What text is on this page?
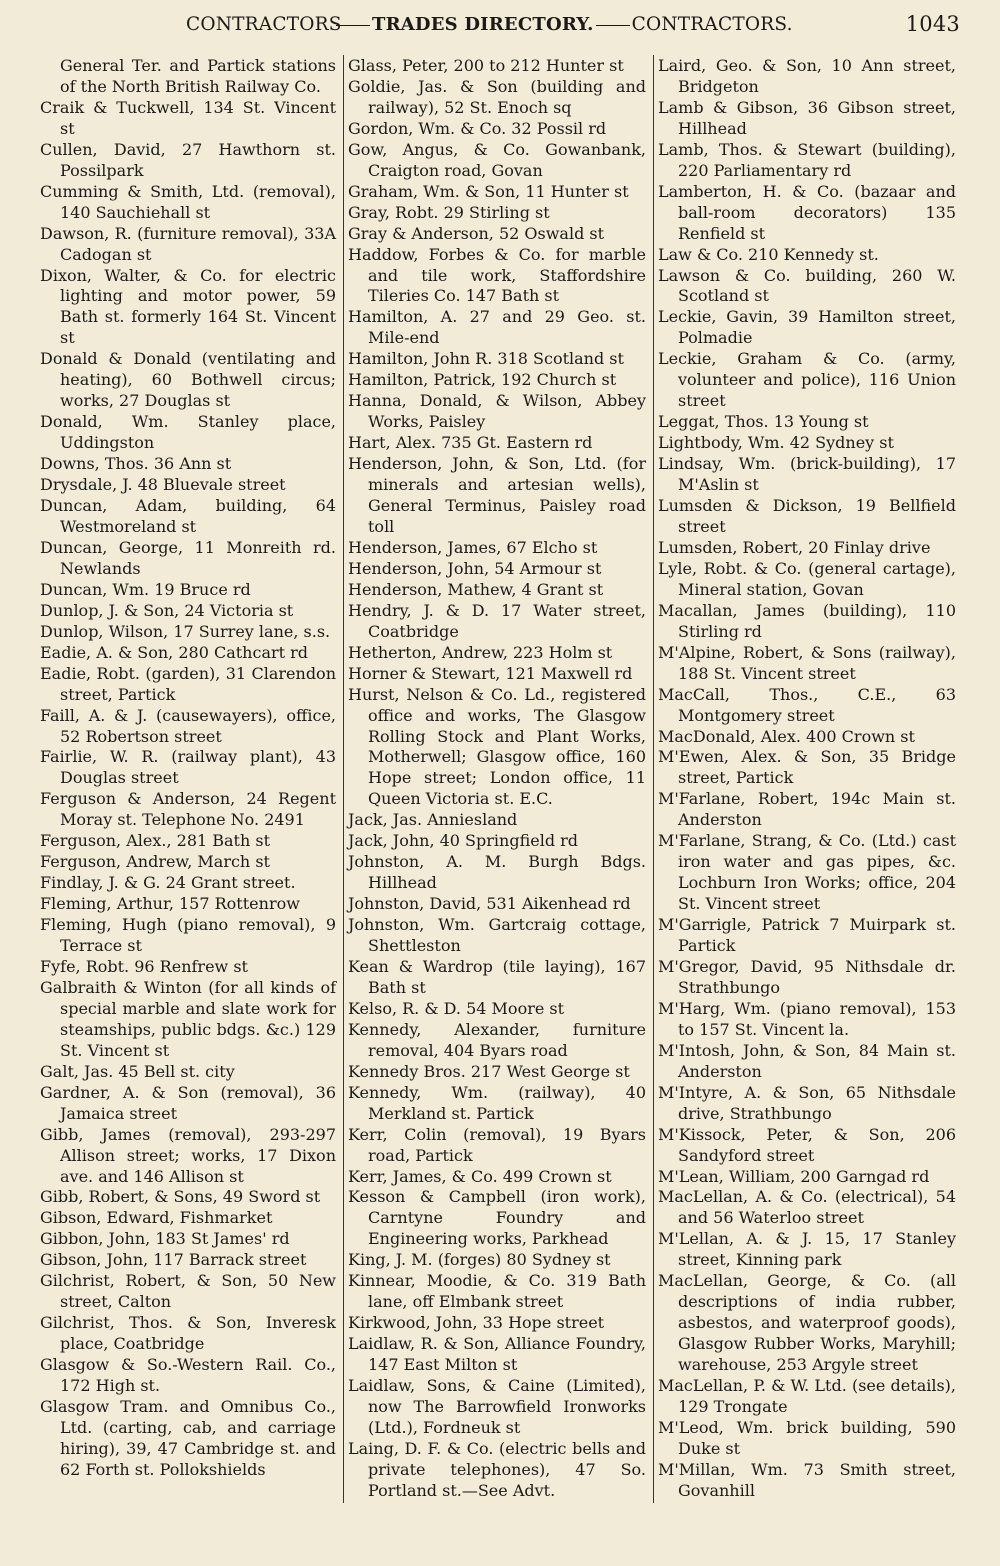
CONTRACTORS	TRADES DIRECTORY. CONTRACTORS.	1043

General Ter. and Partick stations of the North British Railway Co.

Craik & Tuckwell, 134 St. Vincent st

Cullen, David, 27 Hawthorn st. Possilpark

Cumming & Smith, Ltd. (removal), 140 Sauchiehall st

Dawson, R. (furniture removal), 33A Cadogan st

Dixon, Walter, & Co. for electric lighting and motor power, 59 Bath st. formerly 164 St. Vincent st

Donald & Donald (ventilating and heating), 60 Bothwell circus; works, 27 Douglas st

Donald, Wm. Stanley place, Uddingston

Downs, Thos. 36 Ann st

Drysdale, J. 48 Bluevale street

Duncan, Adam, building, 64 Westmoreland st

Duncan, George, 11 Monreith rd. Newlands

Duncan, Wm. 19 Bruce rd

Dunlop, J. & Son, 24 Victoria st

Dunlop, Wilson, 17 Surrey lane, s.s.

Eadie, A. & Son, 280 Cathcart rd

Eadie, Robt. (garden), 31 Clarendon street, Partick

Faill, A. & J. (causewayers), office, 52 Robertson street

Fairlie, W. R. (railway plant), 43 Douglas street

Ferguson & Anderson, 24 Regent Moray st. Telephone No. 2491

Ferguson, Alex., 281 Bath st

Ferguson, Andrew, March st

Findlay, J. & G. 24 Grant street.

Fleming, Arthur, 157 Rottenrow

Fleming, Hugh (piano removal), 9 Terrace st

Fyfe, Robt. 96 Renfrew st

Galbraith & Winton (for all kinds of special marble and slate work for steamships, public bdgs. &c.) 129 St. Vincent st

Galt, Jas. 45 Bell st. city

Gardner, A. & Son (removal), 36 Jamaica street

Gibb, James (removal), 293-297 Allison street; works, 17 Dixon ave. and 146 Allison st

Gibb, Robert, & Sons, 49 Sword st

Gibson, Edward, Fishmarket

Gibbon, John, 183 St James' rd

Gibson, John, 117 Barrack street

Gilchrist, Robert, & Son, 50 New street, Calton

Gilchrist, Thos. & Son, Inveresk place, Coatbridge

Glasgow & So.-Western Rail. Co., 172 High st.

Glasgow Tram. and Omnibus Co., Ltd. (carting, cab, and carriage hiring), 39, 47 Cambridge st. and 62 Forth st. Pollokshields

Glass, Peter, 200 to 212 Hunter st

Goldie, Jas. & Son (building and railway), 52 St. Enoch sq

Gordon, Wm. & Co. 32 Possil rd

Gow, Angus, & Co. Gowanbank, Craigton road, Govan

Graham, Wm. & Son, 11 Hunter st

Gray, Robt. 29 Stirling st

Gray & Anderson, 52 Oswald st

Haddow, Forbes & Co. for marble and tile work, Staffordshire Tileries Co. 147 Bath st

Hamilton, A. 27 and 29 Geo. st. Mile-end

Hamilton, John R. 318 Scotland st

Hamilton, Patrick, 192 Church st

Hanna, Donald, & Wilson, Abbey Works, Paisley

Hart, Alex. 735 Gt. Eastern rd

Henderson, John, & Son, Ltd. (for minerals and artesian wells), General Terminus, Paisley road toll

Henderson, James, 67 Elcho st

Henderson, John, 54 Armour st

Henderson, Mathew, 4 Grant st

Hendry, J. & D. 17 Water street, Coatbridge

Hetherton, Andrew, 223 Holm st

Horner & Stewart, 121 Maxwell rd

Hurst, Nelson & Co. Ld., registered office and works, The Glasgow Rolling Stock and Plant Works, Motherwell; Glasgow office, 160 Hope street; London office, 11 Queen Victoria st. E.C.

Jack, Jas. Anniesland

Jack, John, 40 Springfield rd

Johnston, A. M. Burgh Bdgs. Hillhead

Johnston, David, 531 Aikenhead rd

Johnston, Wm. Gartcraig cottage, Shettleston

Kean & Wardrop (tile laying), 167 Bath st

Kelso, R. & D. 54 Moore st

Kennedy, Alexander, furniture removal, 404 Byars road

Kennedy Bros. 217 West George st

Kennedy, Wm. (railway), 40 Merkland st. Partick

Kerr, Colin (removal), 19 Byars road, Partick

Kerr, James, & Co. 499 Crown st

Kesson & Campbell (iron work), Carntyne Foundry and Engineering works, Parkhead

King, J. M. (forges) 80 Sydney st

Kinnear, Moodie, & Co. 319 Bath lane, off Elmbank street

Kirkwood, John, 33 Hope street

Laidlaw, R. & Son, Alliance Foundry, 147 East Milton st

Laidlaw, Sons, & Caine (Limited), now The Barrowfield Ironworks (Ltd.), Fordneuk st

Laing, D. F. & Co. (electric bells and private telephones), 47 So. Portland st.—See Advt.

Laird, Geo. & Son, 10 Ann street, Bridgeton

Lamb & Gibson, 36 Gibson street, Hillhead

Lamb, Thos. & Stewart (building), 220 Parliamentary rd

Lamberton, H. & Co. (bazaar and ball-room decorators) 135 Renfield st

Law & Co. 210 Kennedy st.

Lawson & Co. building, 260 W. Scotland st

Leckie, Gavin, 39 Hamilton street, Polmadie

Leckie, Graham & Co. (army, volunteer and police), 116 Union street

Leggat, Thos. 13 Young st

Lightbody, Wm. 42 Sydney st

Lindsay, Wm. (brick-building), 17 M'Aslin st

Lumsden & Dickson, 19 Bellfield street

Lumsden, Robert, 20 Finlay drive

Lyle, Robt. & Co. (general cartage), Mineral station, Govan

Macallan, James (building), 110 Stirling rd

M'Alpine, Robert, & Sons (railway), 188 St. Vincent street

MacCall, Thos., C.E., 63 Montgomery street

MacDonald, Alex. 400 Crown st

M'Ewen, Alex. & Son, 35 Bridge street, Partick

M'Farlane, Robert, 194c Main st. Anderston

M'Farlane, Strang, & Co. (Ltd.) cast iron water and gas pipes, &c. Lochburn Iron Works; office, 204 St. Vincent street

M'Garrigle, Patrick 7 Muirpark st. Partick

M'Gregor, David, 95 Nithsdale dr. Strathbungo

M'Harg, Wm. (piano removal), 153 to 157 St. Vincent la.

M'Intosh, John, & Son, 84 Main st. Anderston

M'Intyre, A. & Son, 65 Nithsdale drive, Strathbungo

M'Kissock, Peter, & Son, 206 Sandyford street

M'Lean, William, 200 Garngad rd

MacLellan, A. & Co. (electrical), 54 and 56 Waterloo street

M'Lellan, A. & J. 15, 17 Stanley street, Kinning park

MacLellan, George, & Co. (all descriptions of india rubber, asbestos, and waterproof goods), Glasgow Rubber Works, Maryhill; warehouse, 253 Argyle street

MacLellan, P. & W. Ltd. (see details), 129 Trongate

M'Leod, Wm. brick building, 590 Duke st

M'Millan, Wm. 73 Smith street, Govanhill
